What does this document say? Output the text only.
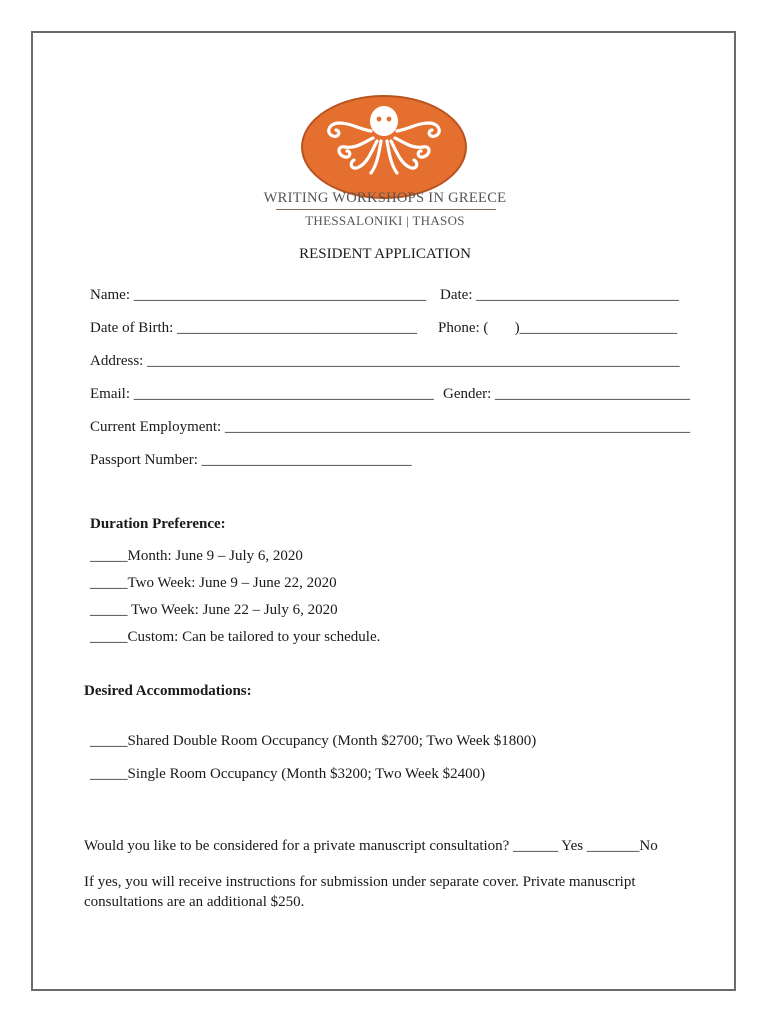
WRITING WORKSHOPS IN GREECE
THESSALONIKI | THASOS
RESIDENT APPLICATION
Name: _______________________________________ Date: ___________________________
Date of Birth: ________________________________ Phone: (       )_____________________
Address: _______________________________________________________________________
Email: ________________________________________ Gender: __________________________
Current Employment: ______________________________________________________________
Passport Number: ____________________________
Duration Preference:
_____Month: June 9 – July 6, 2020
_____Two Week: June 9 – June 22, 2020
_____ Two Week: June 22 – July 6, 2020
_____Custom: Can be tailored to your schedule.
Desired Accommodations:
_____Shared Double Room Occupancy (Month $2700; Two Week $1800)
_____Single Room Occupancy (Month $3200; Two Week $2400)
Would you like to be considered for a private manuscript consultation? ______ Yes _______No
If yes, you will receive instructions for submission under separate cover. Private manuscript consultations are an additional $250.
